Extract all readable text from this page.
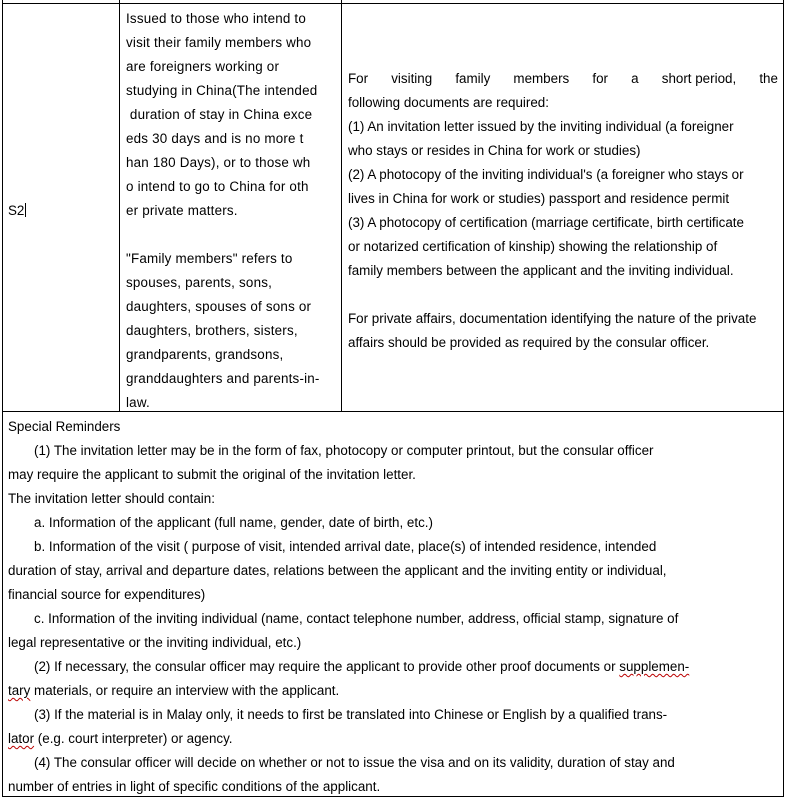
S2
Issued to those who intend to
visit their family members who
are foreigners working or
studying in China(The intended
duration of stay in China exce
eds 30 days and is no more t
han 180 Days), or to those wh
o intend to go to China for oth
er private matters.
"Family members" refers to
spouses, parents, sons,
daughters, spouses of sons or
daughters, brothers, sisters,
grandparents, grandsons,
granddaughters and parents-in-
law.
For visiting family members for a short period, the
following documents are required:
(1) An invitation letter issued by the inviting individual (a foreigner
who stays or resides in China for work or studies)
(2) A photocopy of the inviting individual's (a foreigner who stays or
lives in China for work or studies) passport and residence permit
(3) A photocopy of certification (marriage certificate, birth certificate
or notarized certification of kinship) showing the relationship of
family members between the applicant and the inviting individual.
For private affairs, documentation identifying the nature of the private
affairs should be provided as required by the consular officer.
Special Reminders
(1) The invitation letter may be in the form of fax, photocopy or computer printout, but the consular officer
may require the applicant to submit the original of the invitation letter.
The invitation letter should contain:
a. Information of the applicant (full name, gender, date of birth, etc.)
b. Information of the visit ( purpose of visit, intended arrival date, place(s) of intended residence, intended
duration of stay, arrival and departure dates, relations between the applicant and the inviting entity or individual,
financial source for expenditures)
c. Information of the inviting individual (name, contact telephone number, address, official stamp, signature of
legal representative or the inviting individual, etc.)
(2) If necessary, the consular officer may require the applicant to provide other proof documents or supplemen-
tary materials, or require an interview with the applicant.
(3) If the material is in Malay only, it needs to first be translated into Chinese or English by a qualified trans-
lator (e.g. court interpreter) or agency.
(4) The consular officer will decide on whether or not to issue the visa and on its validity, duration of stay and
number of entries in light of specific conditions of the applicant.
